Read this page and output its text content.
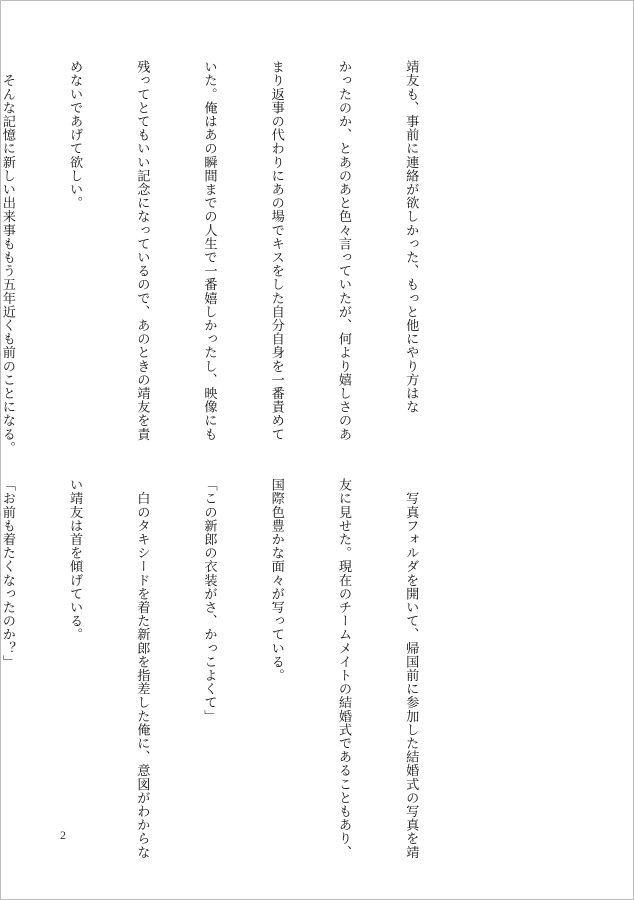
靖友も、事前に連絡が欲しかった、もっと他にやり方はな

かったのか、とあのあと色々言っていたが、何より嬉しさのあ

まり返事の代わりにあの場でキスをした自分自身を一番責めて

いた。俺はあの瞬間までの人生で一番嬉しかったし、映像にも

残ってとてもいい記念になっているので、あのときの靖友を責

めないであげて欲しい。

　そんな記憶に新しい出来事ももう五年近くも前のことになる。

　写真フォルダを開いて、帰国前に参加した結婚式の写真を靖

友に見せた。現在のチームメイトの結婚式であることもあり、

国際色豊かな面々が写っている。

「この新郎の衣装がさ、かっこよくて」

　白のタキシードを着た新郎を指差した俺に、意図がわからな

い靖友は首を傾げている。

「お前も着たくなったのか？」

2
